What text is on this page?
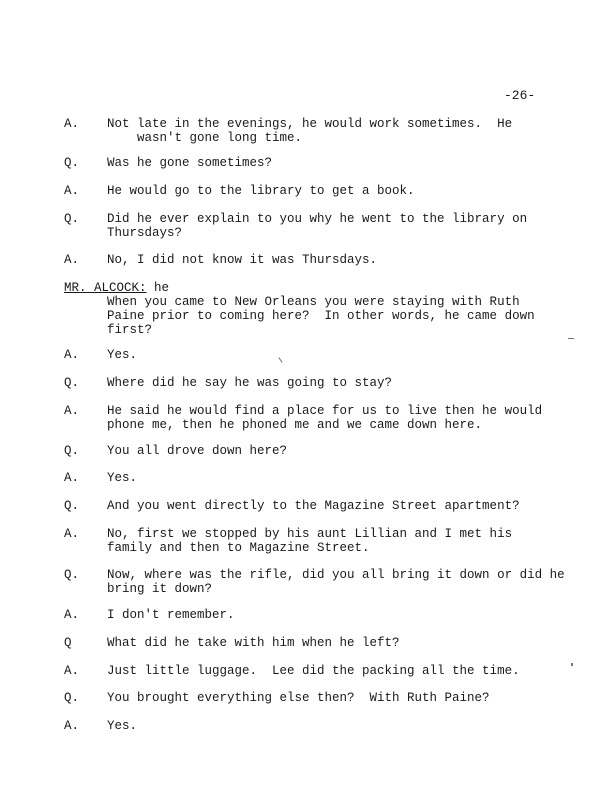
-26-
A. Not late in the evenings, he would work sometimes.  He
wasn't gone long time.
Q. Was he gone sometimes?
A. He would go to the library to get a book.
Q. Did he ever explain to you why he went to the library on
Thursdays?
A. No, I did not know it was Thursdays.
MR. ALCOCK: he
When you came to New Orleans you were staying with Ruth
Paine prior to coming here?  In other words, he came down
first?
A. Yes.
Q. Where did he say he was going to stay?
A. He said he would find a place for us to live then he would
phone me, then he phoned me and we came down here.
Q. You all drove down here?
A. Yes.
Q. And you went directly to the Magazine Street apartment?
A. No, first we stopped by his aunt Lillian and I met his
family and then to Magazine Street.
Q. Now, where was the rifle, did you all bring it down or did he
bring it down?
A. I don't remember.
Q	What did he take with him when he left?
A. Just little luggage.  Lee did the packing all the time.
Q. You brought everything else then?  With Ruth Paine?
A. Yes.
